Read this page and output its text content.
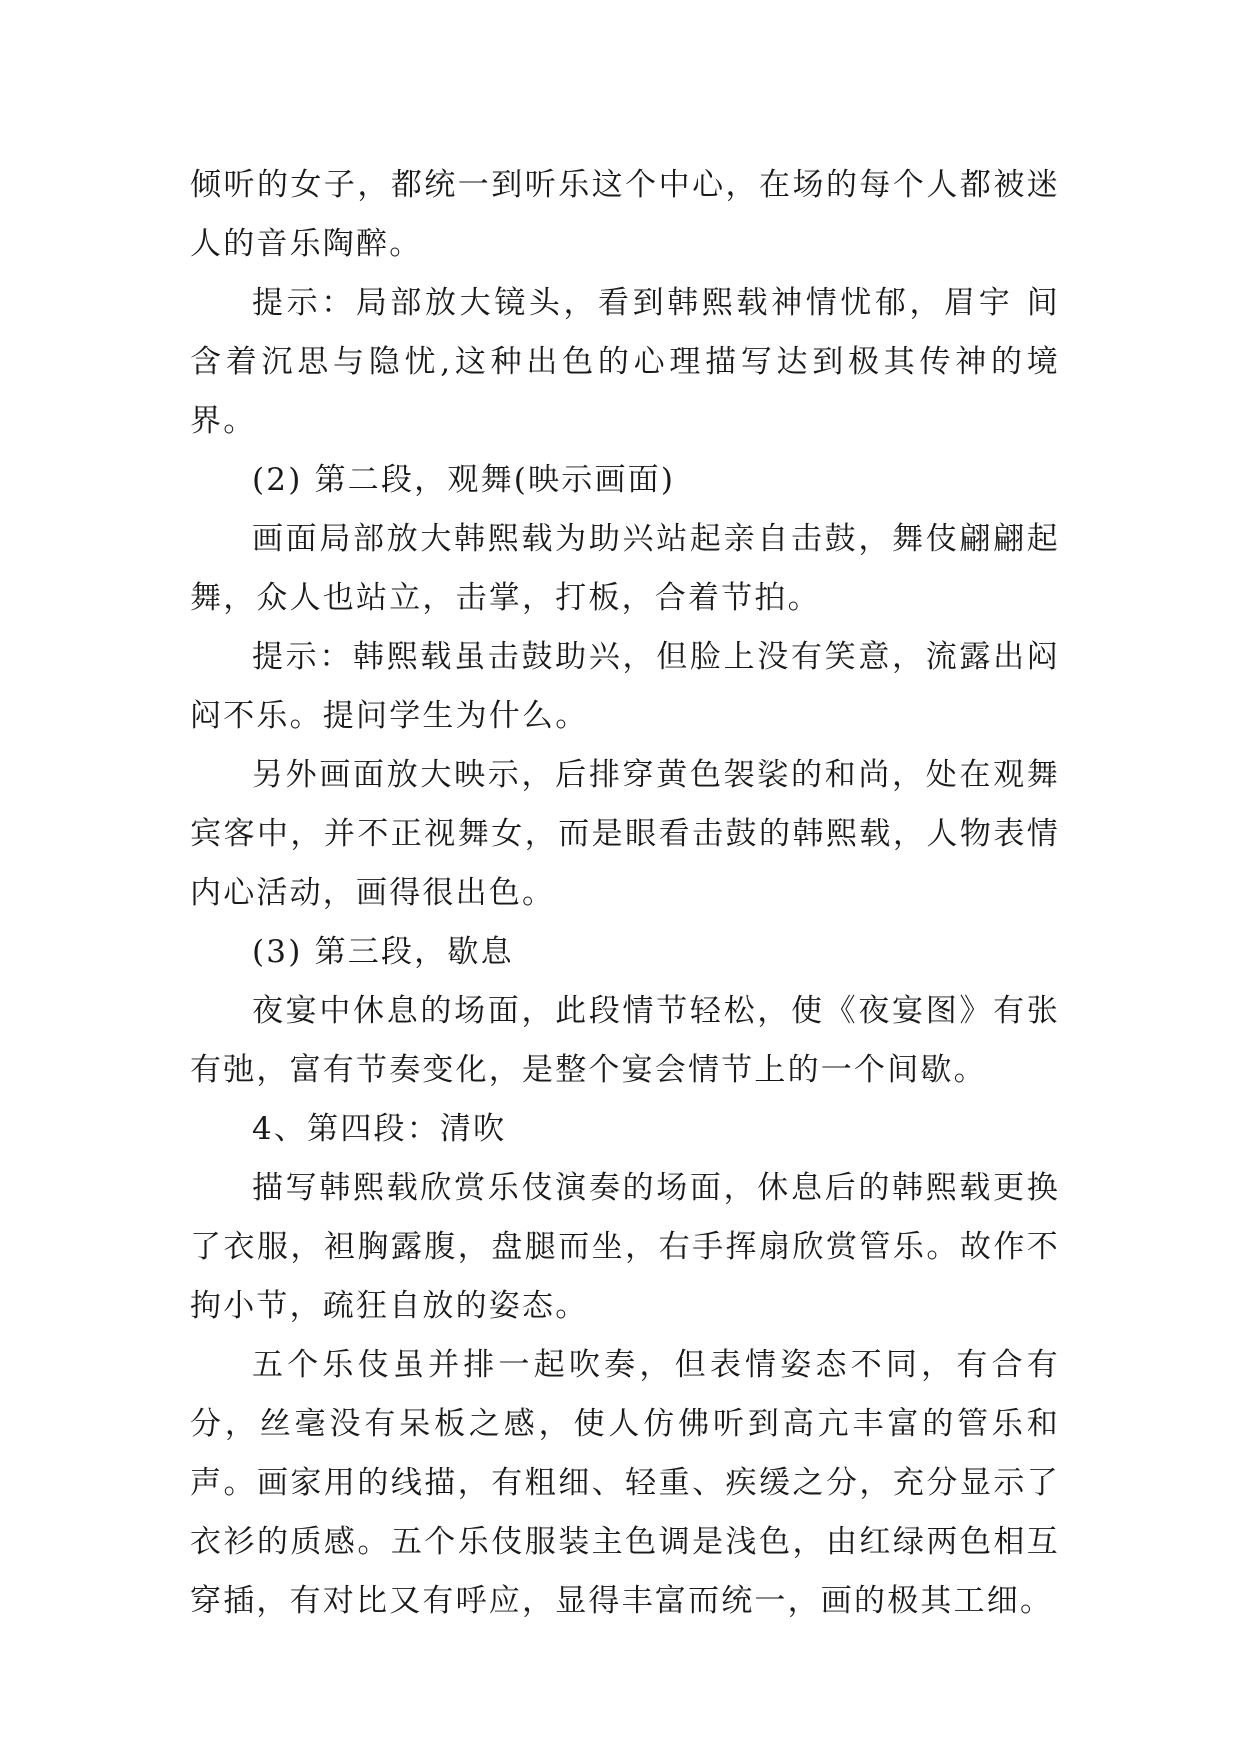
倾听的女子，都统一到听乐这个中心，在场的每个人都被迷人的音乐陶醉。

提示：局部放大镜头，看到韩熙载神情忧郁，眉宇 间含着沉思与隐忧,这种出色的心理描写达到极其传神的境界。

(2) 第二段，观舞(映示画面)

画面局部放大韩熙载为助兴站起亲自击鼓，舞伎翩翩起舞，众人也站立，击掌，打板，合着节拍。

提示：韩熙载虽击鼓助兴，但脸上没有笑意，流露出闷闷不乐。提问学生为什么。

另外画面放大映示，后排穿黄色袈裟的和尚，处在观舞宾客中，并不正视舞女，而是眼看击鼓的韩熙载，人物表情内心活动，画得很出色。

(3) 第三段，歇息

夜宴中休息的场面，此段情节轻松，使《夜宴图》有张有弛，富有节奏变化，是整个宴会情节上的一个间歇。

4、第四段：清吹

描写韩熙载欣赏乐伎演奏的场面，休息后的韩熙载更换了衣服，袒胸露腹，盘腿而坐，右手挥扇欣赏管乐。故作不拘小节，疏狂自放的姿态。

五个乐伎虽并排一起吹奏，但表情姿态不同，有合有分，丝毫没有呆板之感，使人仿佛听到高亢丰富的管乐和声。画家用的线描，有粗细、轻重、疾缓之分，充分显示了衣衫的质感。五个乐伎服装主色调是浅色，由红绿两色相互穿插，有对比又有呼应，显得丰富而统一，画的极其工细。
